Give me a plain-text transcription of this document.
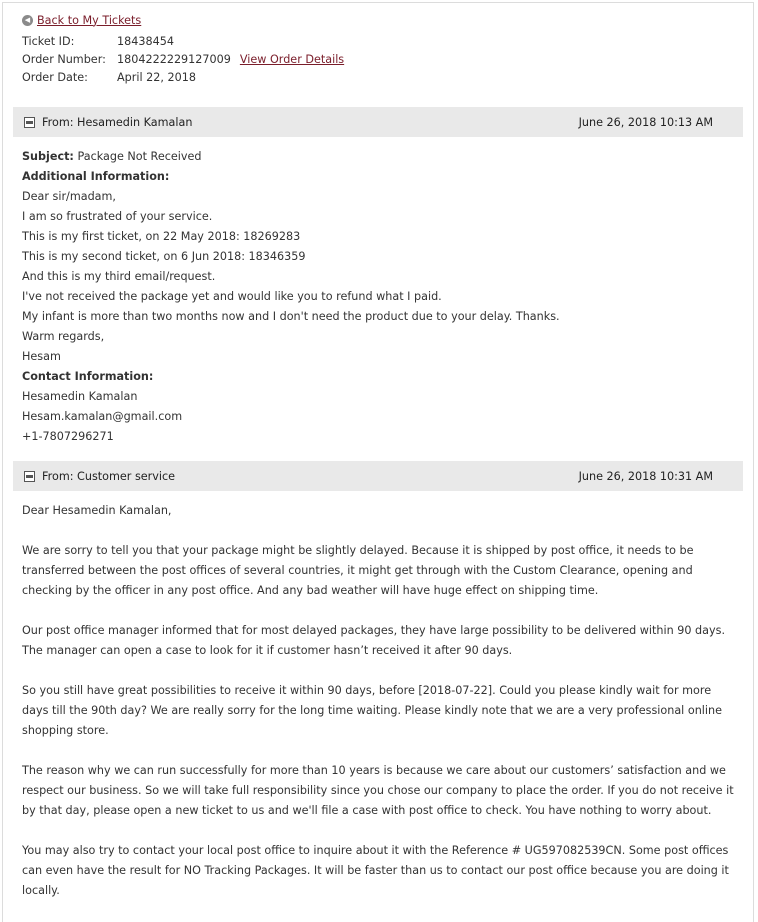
◀ Back to My Tickets
Ticket ID:	18438454
Order Number: 1804222229127009 View Order Details
Order Date:	April 22, 2018
From: Hesamedin Kamalan	June 26, 2018 10:13 AM
Subject: Package Not Received
Additional Information:
Dear sir/madam,
I am so frustrated of your service.
This is my first ticket, on 22 May 2018: 18269283
This is my second ticket, on 6 Jun 2018: 18346359
And this is my third email/request.
I've not received the package yet and would like you to refund what I paid.
My infant is more than two months now and I don't need the product due to your delay. Thanks.
Warm regards,
Hesam
Contact Information:
Hesamedin Kamalan
Hesam.kamalan@gmail.com
+1-7807296271
From: Customer service	June 26, 2018 10:31 AM
Dear Hesamedin Kamalan,
We are sorry to tell you that your package might be slightly delayed. Because it is shipped by post office, it needs to be
transferred between the post offices of several countries, it might get through with the Custom Clearance, opening and
checking by the officer in any post office. And any bad weather will have huge effect on shipping time.
Our post office manager informed that for most delayed packages, they have large possibility to be delivered within 90 days.
The manager can open a case to look for it if customer hasn’t received it after 90 days.
So you still have great possibilities to receive it within 90 days, before [2018-07-22]. Could you please kindly wait for more
days till the 90th day? We are really sorry for the long time waiting. Please kindly note that we are a very professional online
shopping store.
The reason why we can run successfully for more than 10 years is because we care about our customers’ satisfaction and we
respect our business. So we will take full responsibility since you chose our company to place the order. If you do not receive it
by that day, please open a new ticket to us and we'll file a case with post office to check. You have nothing to worry about.
You may also try to contact your local post office to inquire about it with the Reference # UG597082539CN. Some post offices
can even have the result for NO Tracking Packages. It will be faster than us to contact our post office because you are doing it
locally.
